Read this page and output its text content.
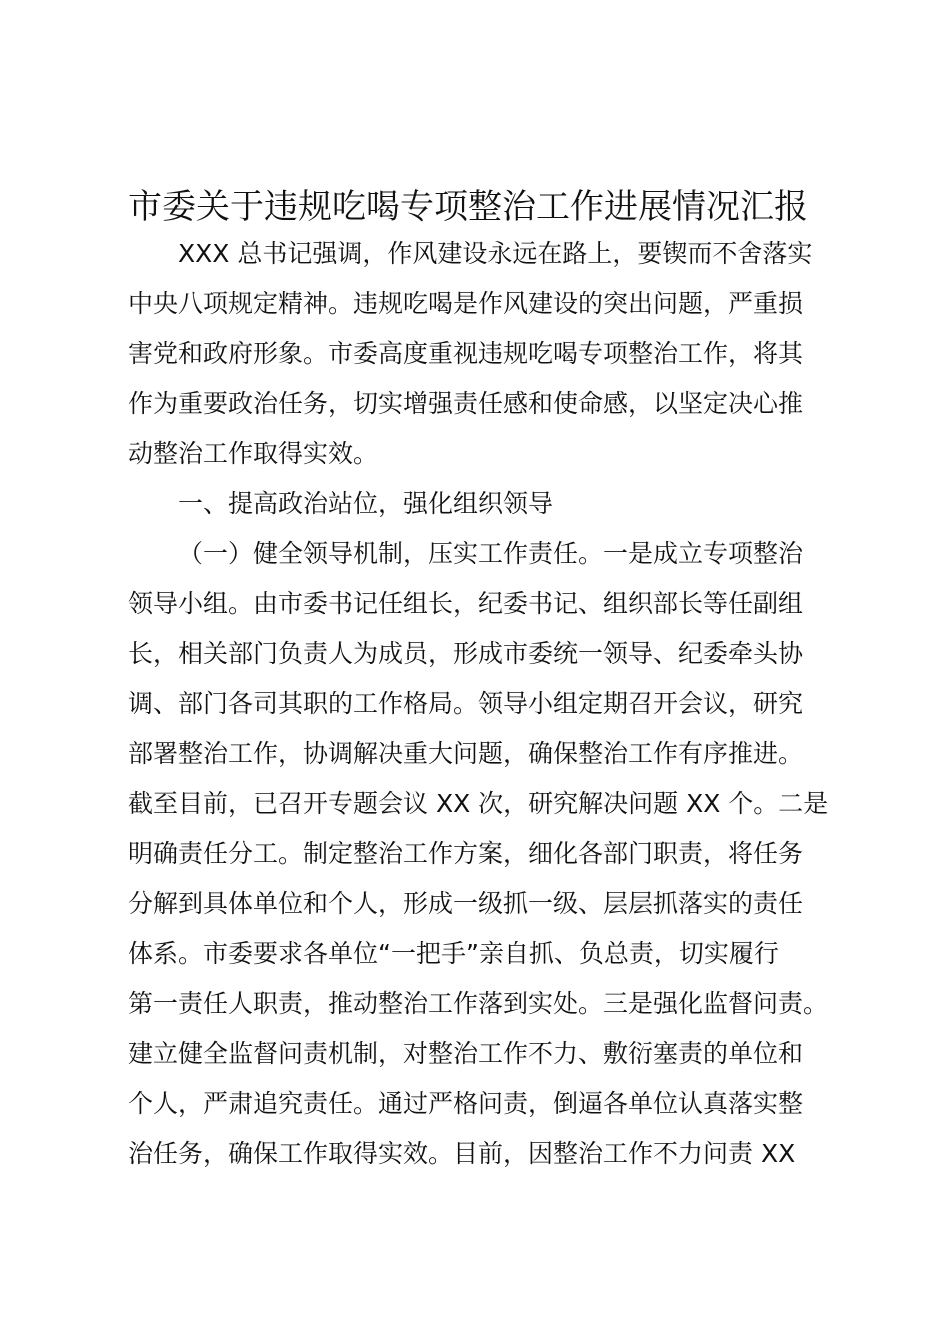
市委关于违规吃喝专项整治工作进展情况汇报
XXX 总书记强调，作风建设永远在路上，要锲而不舍落实
中央八项规定精神。违规吃喝是作风建设的突出问题，严重损
害党和政府形象。市委高度重视违规吃喝专项整治工作，将其
作为重要政治任务，切实增强责任感和使命感，以坚定决心推
动整治工作取得实效。
一、提高政治站位，强化组织领导
（一）健全领导机制，压实工作责任。一是成立专项整治
领导小组。由市委书记任组长，纪委书记、组织部长等任副组
长，相关部门负责人为成员，形成市委统一领导、纪委牵头协
调、部门各司其职的工作格局。领导小组定期召开会议，研究
部署整治工作，协调解决重大问题，确保整治工作有序推进。
截至目前，已召开专题会议 XX 次，研究解决问题 XX 个。二是
明确责任分工。制定整治工作方案，细化各部门职责，将任务
分解到具体单位和个人，形成一级抓一级、层层抓落实的责任
体系。市委要求各单位“一把手”亲自抓、负总责，切实履行
第一责任人职责，推动整治工作落到实处。三是强化监督问责。
建立健全监督问责机制，对整治工作不力、敷衍塞责的单位和
个人，严肃追究责任。通过严格问责，倒逼各单位认真落实整
治任务，确保工作取得实效。目前，因整治工作不力问责 XX
